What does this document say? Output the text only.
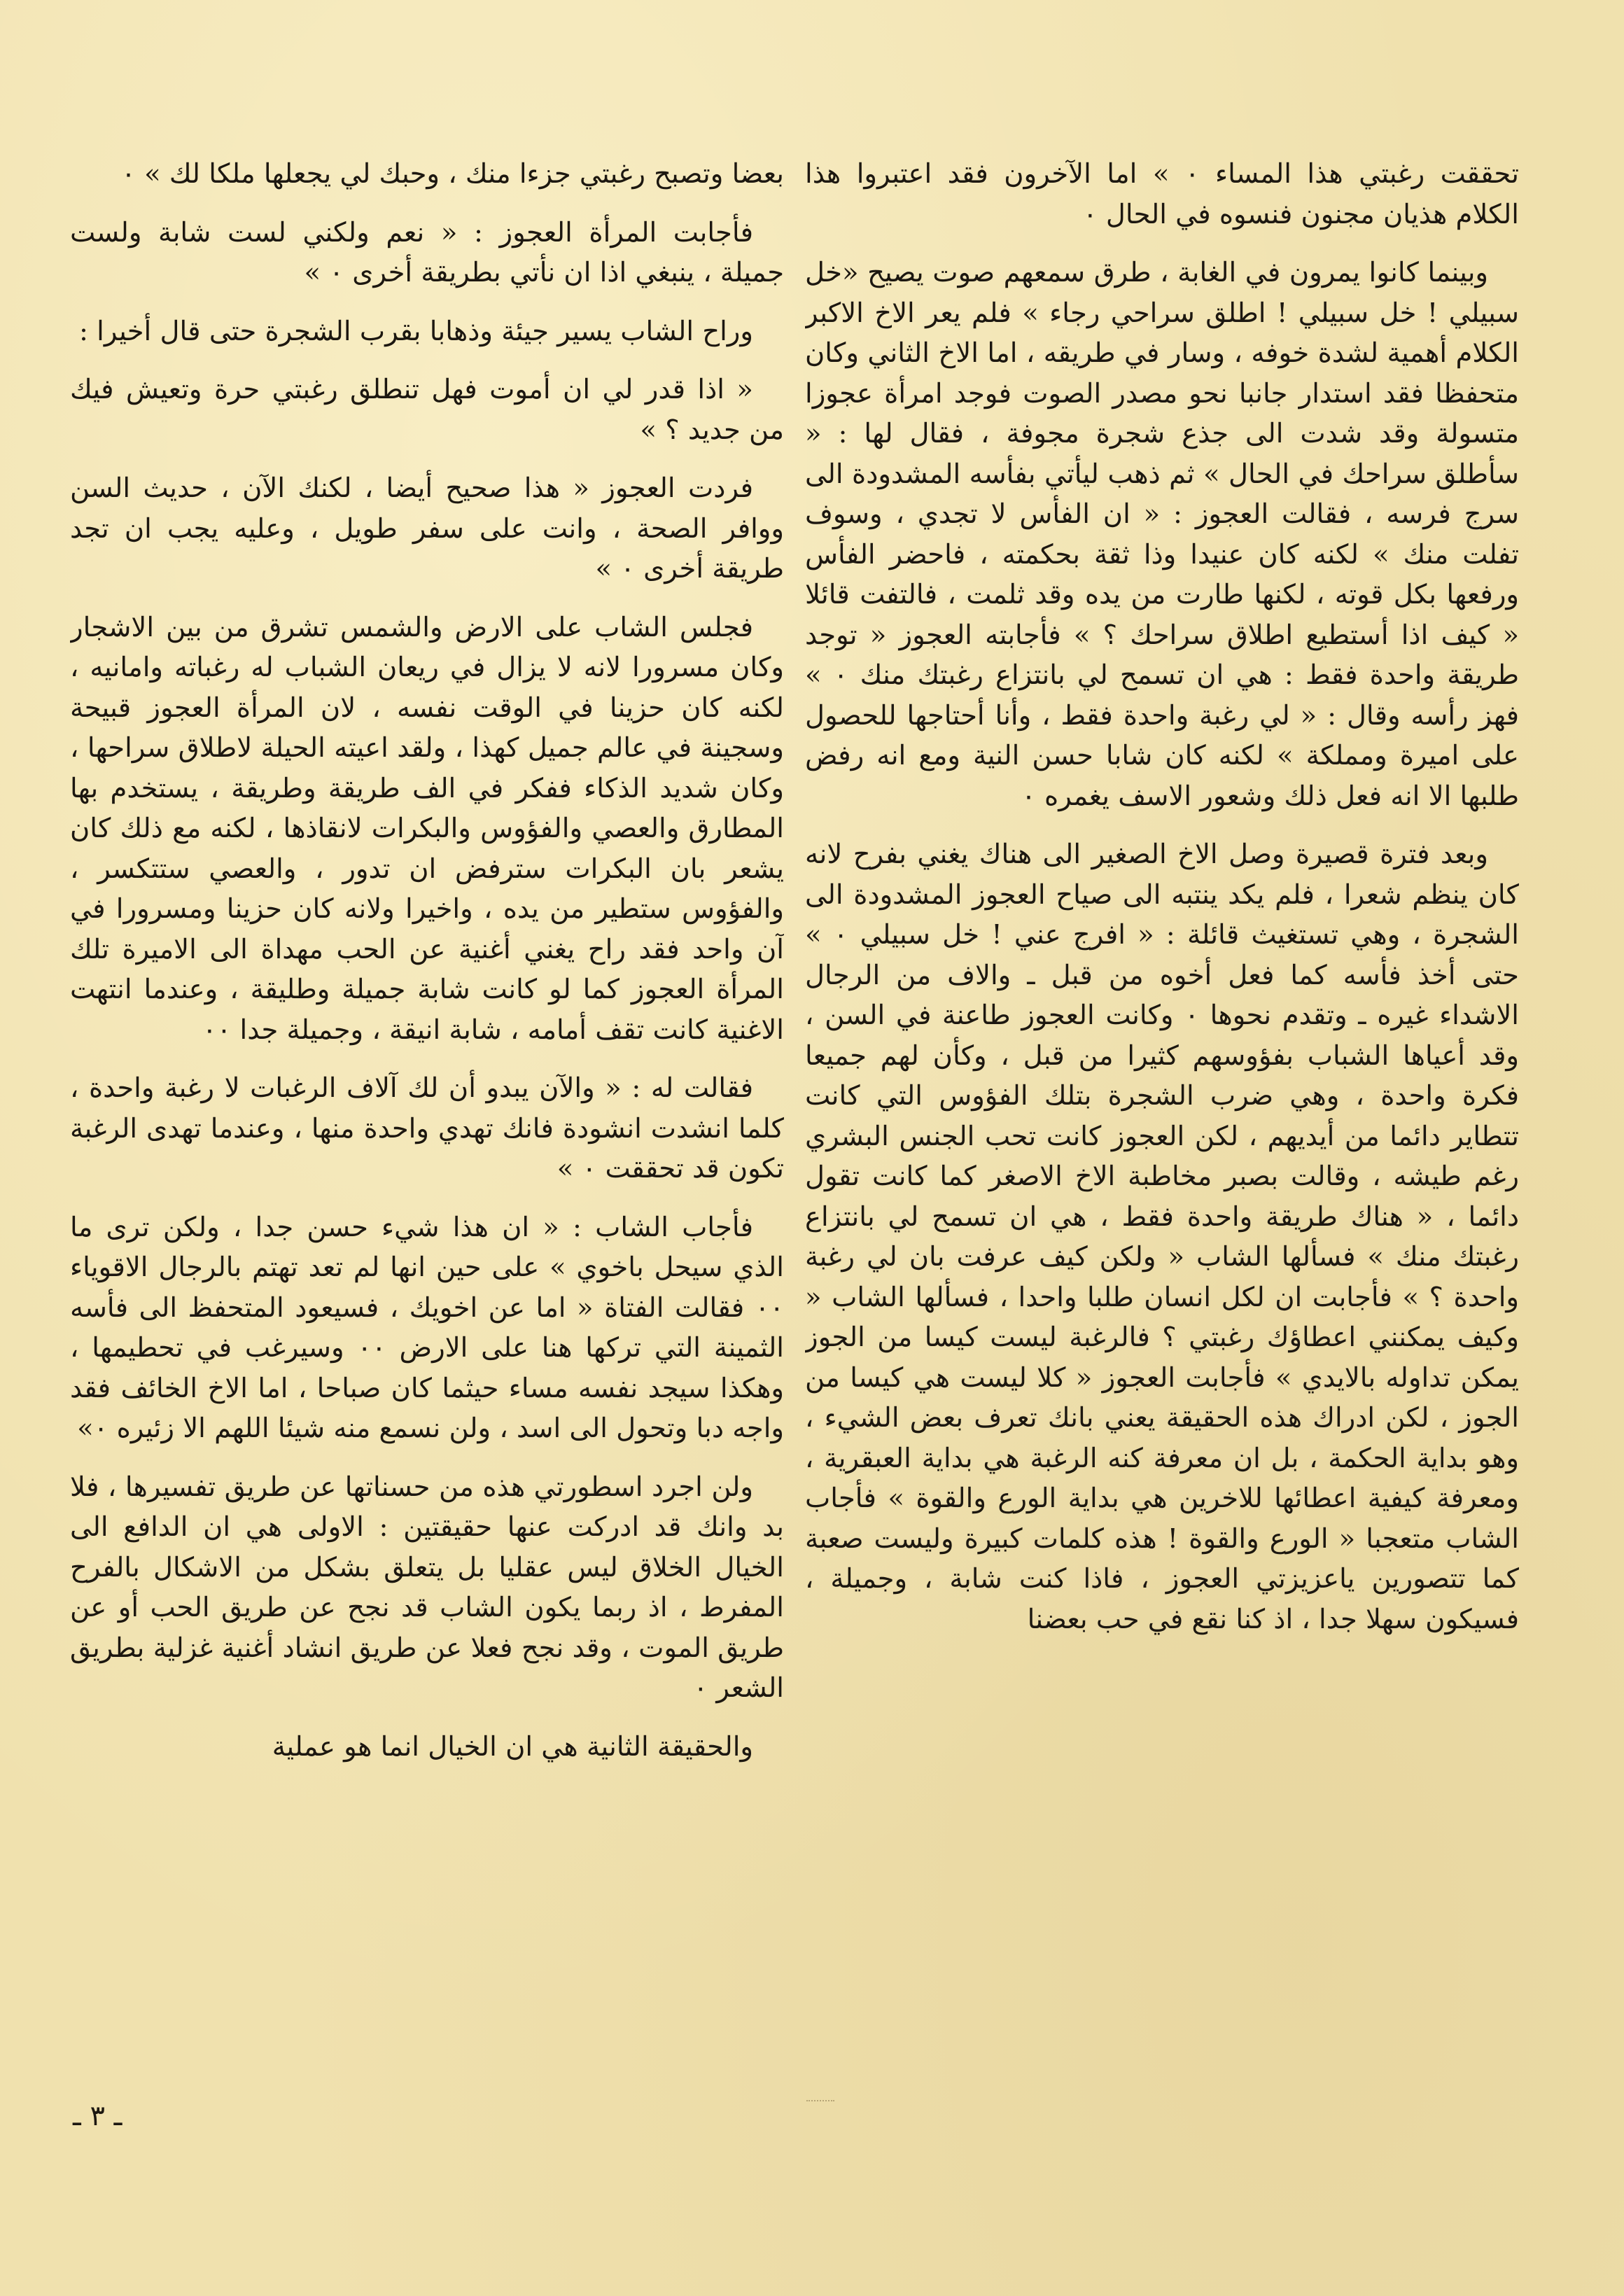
تحققت رغبتي هذا المساء ٠ » اما الآخرون فقد اعتبروا هذا الكلام هذيان مجنون فنسوه في الحال ٠

وبينما كانوا يمرون في الغابة ، طرق سمعهم صوت يصيح «خل سبيلي ! خل سبيلي ! اطلق سراحي رجاء » فلم يعر الاخ الاكبر الكلام أهمية لشدة خوفه ، وسار في طريقه ، اما الاخ الثاني وكان متحفظا فقد استدار جانبا نحو مصدر الصوت فوجد امرأة عجوزا متسولة وقد شدت الى جذع شجرة مجوفة ، فقال لها : « سأطلق سراحك في الحال » ثم ذهب ليأتي بفأسه المشدودة الى سرج فرسه ، فقالت العجوز : « ان الفأس لا تجدي ، وسوف تفلت منك » لكنه كان عنيدا وذا ثقة بحكمته ، فاحضر الفأس ورفعها بكل قوته ، لكنها طارت من يده وقد ثلمت ، فالتفت قائلا « كيف اذا أستطيع اطلاق سراحك ؟ » فأجابته العجوز « توجد طريقة واحدة فقط : هي ان تسمح لي بانتزاع رغبتك منك ٠ » فهز رأسه وقال : « لي رغبة واحدة فقط ، وأنا أحتاجها للحصول على اميرة ومملكة » لكنه كان شابا حسن النية ومع انه رفض طلبها الا انه فعل ذلك وشعور الاسف يغمره ٠

وبعد فترة قصيرة وصل الاخ الصغير الى هناك يغني بفرح لانه كان ينظم شعرا ، فلم يكد ينتبه الى صياح العجوز المشدودة الى الشجرة ، وهي تستغيث قائلة : « افرج عني ! خل سبيلي ٠ » حتى أخذ فأسه كما فعل أخوه من قبل ـ والاف من الرجال الاشداء غيره ـ وتقدم نحوها ٠ وكانت العجوز طاعنة في السن ، وقد أعياها الشباب بفؤوسهم كثيرا من قبل ، وكأن لهم جميعا فكرة واحدة ، وهي ضرب الشجرة بتلك الفؤوس التي كانت تتطاير دائما من أيديهم ، لكن العجوز كانت تحب الجنس البشري رغم طيشه ، وقالت بصبر مخاطبة الاخ الاصغر كما كانت تقول دائما ، « هناك طريقة واحدة فقط ، هي ان تسمح لي بانتزاع رغبتك منك » فسألها الشاب « ولكن كيف عرفت بان لي رغبة واحدة ؟ » فأجابت ان لكل انسان طلبا واحدا ، فسألها الشاب « وكيف يمكنني اعطاؤك رغبتي ؟ فالرغبة ليست كيسا من الجوز يمكن تداوله بالايدي » فأجابت العجوز « كلا ليست هي كيسا من الجوز ، لكن ادراك هذه الحقيقة يعني بانك تعرف بعض الشيء ، وهو بداية الحكمة ، بل ان معرفة كنه الرغبة هي بداية العبقرية ، ومعرفة كيفية اعطائها للاخرين هي بداية الورع والقوة » فأجاب الشاب متعجبا « الورع والقوة ! هذه كلمات كبيرة وليست صعبة كما تتصورين ياعزيزتي العجوز ، فاذا كنت شابة ، وجميلة ، فسيكون سهلا جدا ، اذ كنا نقع في حب بعضنا

بعضا وتصبح رغبتي جزءا منك ، وحبك لي يجعلها ملكا لك » ٠

فأجابت المرأة العجوز : « نعم ولكني لست شابة ولست جميلة ، ينبغي اذا ان نأتي بطريقة أخرى ٠ »

وراح الشاب يسير جيئة وذهابا بقرب الشجرة حتى قال أخيرا :

« اذا قدر لي ان أموت فهل تنطلق رغبتي حرة وتعيش فيك من جديد ؟ »

فردت العجوز « هذا صحيح أيضا ، لكنك الآن ، حديث السن ووافر الصحة ، وانت على سفر طويل ، وعليه يجب ان تجد طريقة أخرى ٠ »

فجلس الشاب على الارض والشمس تشرق من بين الاشجار وكان مسرورا لانه لا يزال في ريعان الشباب له رغباته وامانيه ، لكنه كان حزينا في الوقت نفسه ، لان المرأة العجوز قبيحة وسجينة في عالم جميل كهذا ، ولقد اعيته الحيلة لاطلاق سراحها ، وكان شديد الذكاء ففكر في الف طريقة وطريقة ، يستخدم بها المطارق والعصي والفؤوس والبكرات لانقاذها ، لكنه مع ذلك كان يشعر بان البكرات سترفض ان تدور ، والعصي ستتكسر ، والفؤوس ستطير من يده ، واخيرا ولانه كان حزينا ومسرورا في آن واحد فقد راح يغني أغنية عن الحب مهداة الى الاميرة تلك المرأة العجوز كما لو كانت شابة جميلة وطليقة ، وعندما انتهت الاغنية كانت تقف أمامه ، شابة انيقة ، وجميلة جدا ٠٠

فقالت له : « والآن يبدو أن لك آلاف الرغبات لا رغبة واحدة ، كلما انشدت انشودة فانك تهدي واحدة منها ، وعندما تهدى الرغبة تكون قد تحققت ٠ »

فأجاب الشاب : « ان هذا شيء حسن جدا ، ولكن ترى ما الذي سيحل باخوي » على حين انها لم تعد تهتم بالرجال الاقوياء ٠٠ فقالت الفتاة « اما عن اخويك ، فسيعود المتحفظ الى فأسه الثمينة التي تركها هنا على الارض ٠٠ وسيرغب في تحطيمها ، وهكذا سيجد نفسه مساء حيثما كان صباحا ، اما الاخ الخائف فقد واجه دبا وتحول الى اسد ، ولن نسمع منه شيئا اللهم الا زئيره ٠»

ولن اجرد اسطورتي هذه من حسناتها عن طريق تفسيرها ، فلا بد وانك قد ادركت عنها حقيقتين : الاولى هي ان الدافع الى الخيال الخلاق ليس عقليا بل يتعلق بشكل من الاشكال بالفرح المفرط ، اذ ربما يكون الشاب قد نجح عن طريق الحب أو عن طريق الموت ، وقد نجح فعلا عن طريق انشاد أغنية غزلية بطريق الشعر ٠

والحقيقة الثانية هي ان الخيال انما هو عملية

ـ ٣ ـ
